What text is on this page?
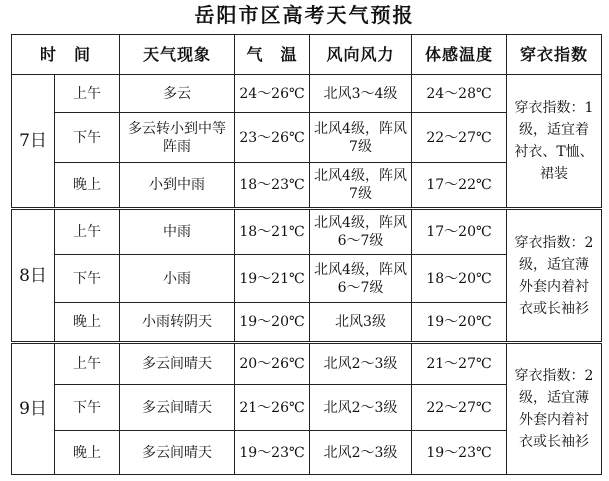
岳阳市区高考天气预报
时　间		天气现象	气　温	风向风力	体感温度	穿衣指数
7日	上午	多云	24～26℃	北风3～4级	24～28℃	穿衣指数：1级，适宜着衬衣、T恤、裙装

	下午	多云转小到中等阵雨	23～26℃	北风4级，阵风7级	22～27℃	
	晚上	小到中雨	18～23℃	北风4级，阵风7级	17～22℃	
8日	上午	中雨	18～21℃	北风4级，阵风6～7级	17～20℃	穿衣指数：2级，适宜薄外套内着衬衣或长袖衫

	下午	小雨	19～21℃	北风4级，阵风6～7级	18～20℃	
	晚上	小雨转阴天	19～20℃	北风3级	19～20℃	
9日	上午	多云间晴天	20～26℃	北风2～3级	21～27℃	穿衣指数：2级，适宜薄外套内着衬衣或长袖衫

	下午	多云间晴天	21～26℃	北风2～3级	22～27℃	
	晚上	多云间晴天	19～23℃	北风2～3级	19～23℃	
